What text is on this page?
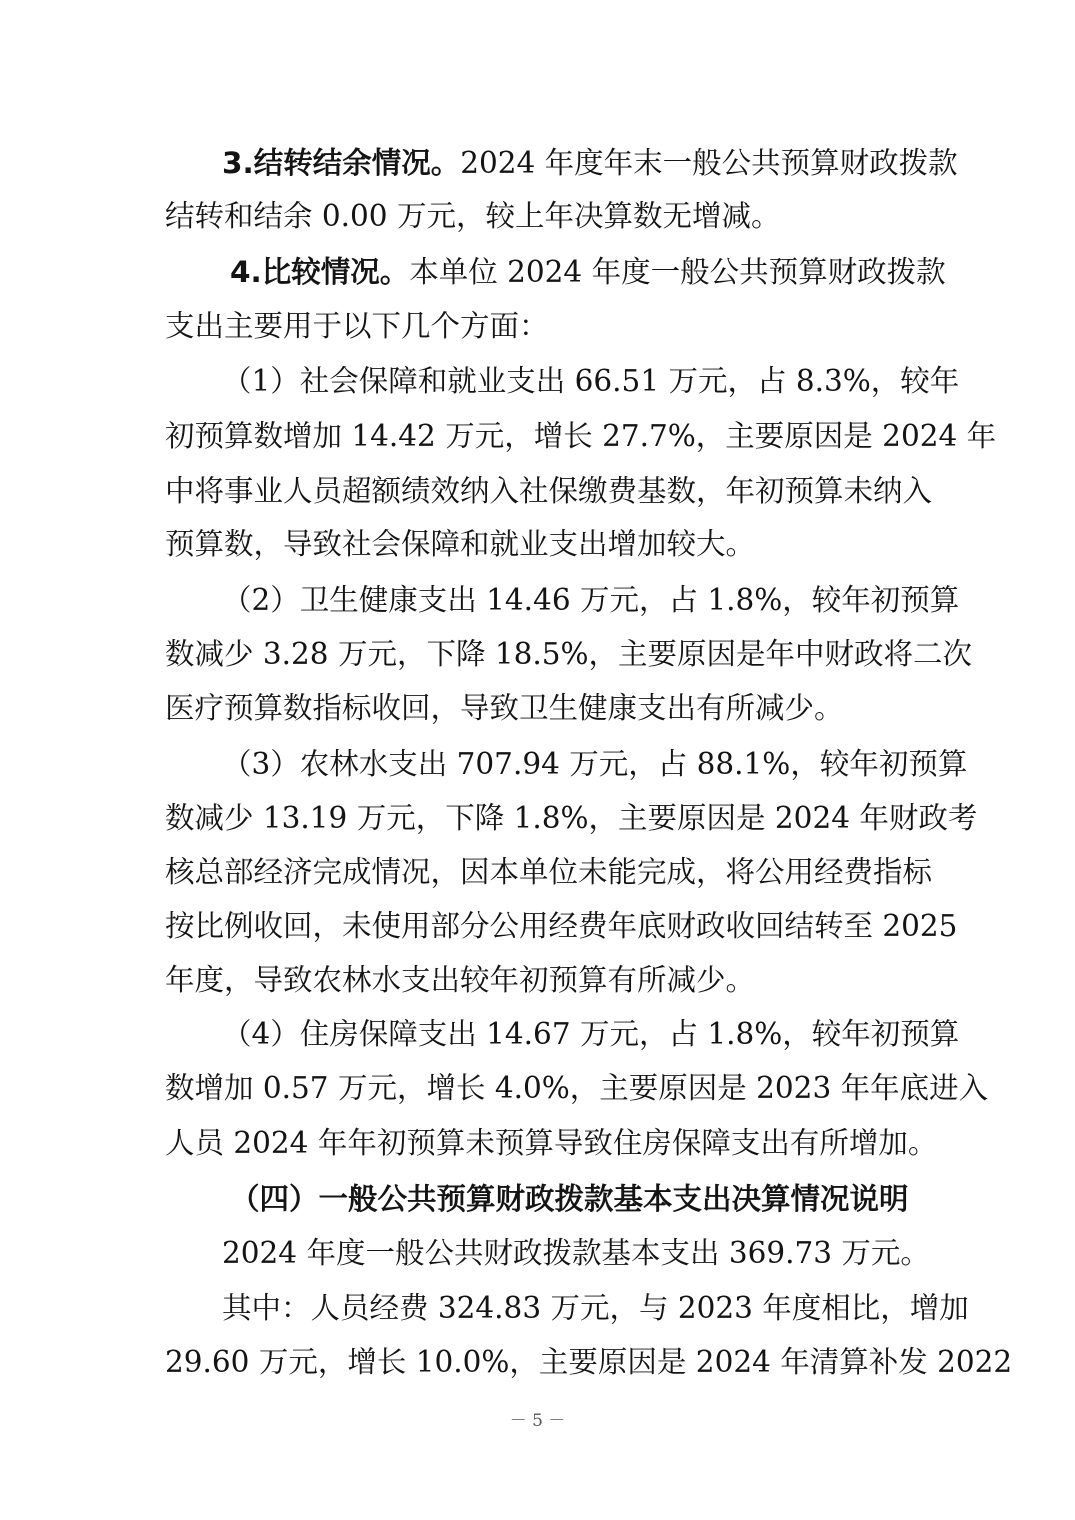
3.结转结余情况。2024 年度年末一般公共预算财政拨款
结转和结余 0.00 万元，较上年决算数无增减。
4.比较情况。本单位 2024 年度一般公共预算财政拨款
支出主要用于以下几个方面：
（1）社会保障和就业支出 66.51 万元，占 8.3%，较年
初预算数增加 14.42 万元，增长 27.7%，主要原因是 2024 年
中将事业人员超额绩效纳入社保缴费基数，年初预算未纳入
预算数，导致社会保障和就业支出增加较大。
（2）卫生健康支出 14.46 万元，占 1.8%，较年初预算
数减少 3.28 万元，下降 18.5%，主要原因是年中财政将二次
医疗预算数指标收回，导致卫生健康支出有所减少。
（3）农林水支出 707.94 万元，占 88.1%，较年初预算
数减少 13.19 万元，下降 1.8%，主要原因是 2024 年财政考
核总部经济完成情况，因本单位未能完成，将公用经费指标
按比例收回，未使用部分公用经费年底财政收回结转至 2025
年度，导致农林水支出较年初预算有所减少。
（4）住房保障支出 14.67 万元，占 1.8%，较年初预算
数增加 0.57 万元，增长 4.0%，主要原因是 2023 年年底进入
人员 2024 年年初预算未预算导致住房保障支出有所增加。
（四）一般公共预算财政拨款基本支出决算情况说明
2024 年度一般公共财政拨款基本支出 369.73 万元。
其中：人员经费 324.83 万元，与 2023 年度相比，增加
29.60 万元，增长 10.0%，主要原因是 2024 年清算补发 2022
－ 5 －
